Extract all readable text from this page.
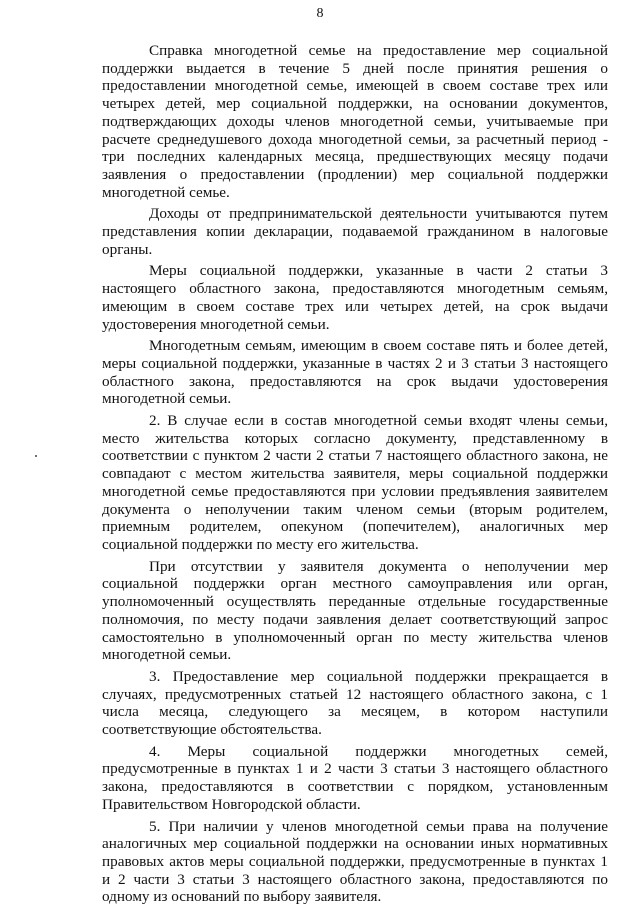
8

Справка многодетной семье на предоставление мер социальной поддержки выдается в течение 5 дней после принятия решения о предоставлении многодетной семье, имеющей в своем составе трех или четырех детей, мер социальной поддержки, на основании документов, подтверждающих доходы членов многодетной семьи, учитываемые при расчете среднедушевого дохода многодетной семьи, за расчетный период - три последних календарных месяца, предшествующих месяцу подачи заявления о предоставлении (продлении) мер социальной поддержки многодетной семье.

Доходы от предпринимательской деятельности учитываются путем представления копии декларации, подаваемой гражданином в налоговые органы.

Меры социальной поддержки, указанные в части 2 статьи 3 настоящего областного закона, предоставляются многодетным семьям, имеющим в своем составе трех или четырех детей, на срок выдачи удостоверения многодетной семьи.

Многодетным семьям, имеющим в своем составе пять и более детей, меры социальной поддержки, указанные в частях 2 и 3 статьи 3 настоящего областного закона, предоставляются на срок выдачи удостоверения многодетной семьи.

2. В случае если в состав многодетной семьи входят члены семьи, место жительства которых согласно документу, представленному в соответствии с пунктом 2 части 2 статьи 7 настоящего областного закона, не совпадают с местом жительства заявителя, меры социальной поддержки многодетной семье предоставляются при условии предъявления заявителем документа о неполучении таким членом семьи (вторым родителем, приемным родителем, опекуном (попечителем), аналогичных мер социальной поддержки по месту его жительства.

При отсутствии у заявителя документа о неполучении мер социальной поддержки орган местного самоуправления или орган, уполномоченный осуществлять переданные отдельные государственные полномочия, по месту подачи заявления делает соответствующий запрос самостоятельно в уполномоченный орган по месту жительства членов многодетной семьи.

3. Предоставление мер социальной поддержки прекращается в случаях, предусмотренных статьей 12 настоящего областного закона, с 1 числа месяца, следующего за месяцем, в котором наступили соответствующие обстоятельства.

4. Меры социальной поддержки многодетных семей, предусмотренные в пунктах 1 и 2 части 3 статьи 3 настоящего областного закона, предоставляются в соответствии с порядком, установленным Правительством Новгородской области.

5. При наличии у членов многодетной семьи права на получение аналогичных мер социальной поддержки на основании иных нормативных правовых актов меры социальной поддержки, предусмотренные в пунктах 1 и 2 части 3 статьи 3 настоящего областного закона, предоставляются по одному из оснований по выбору заявителя.
